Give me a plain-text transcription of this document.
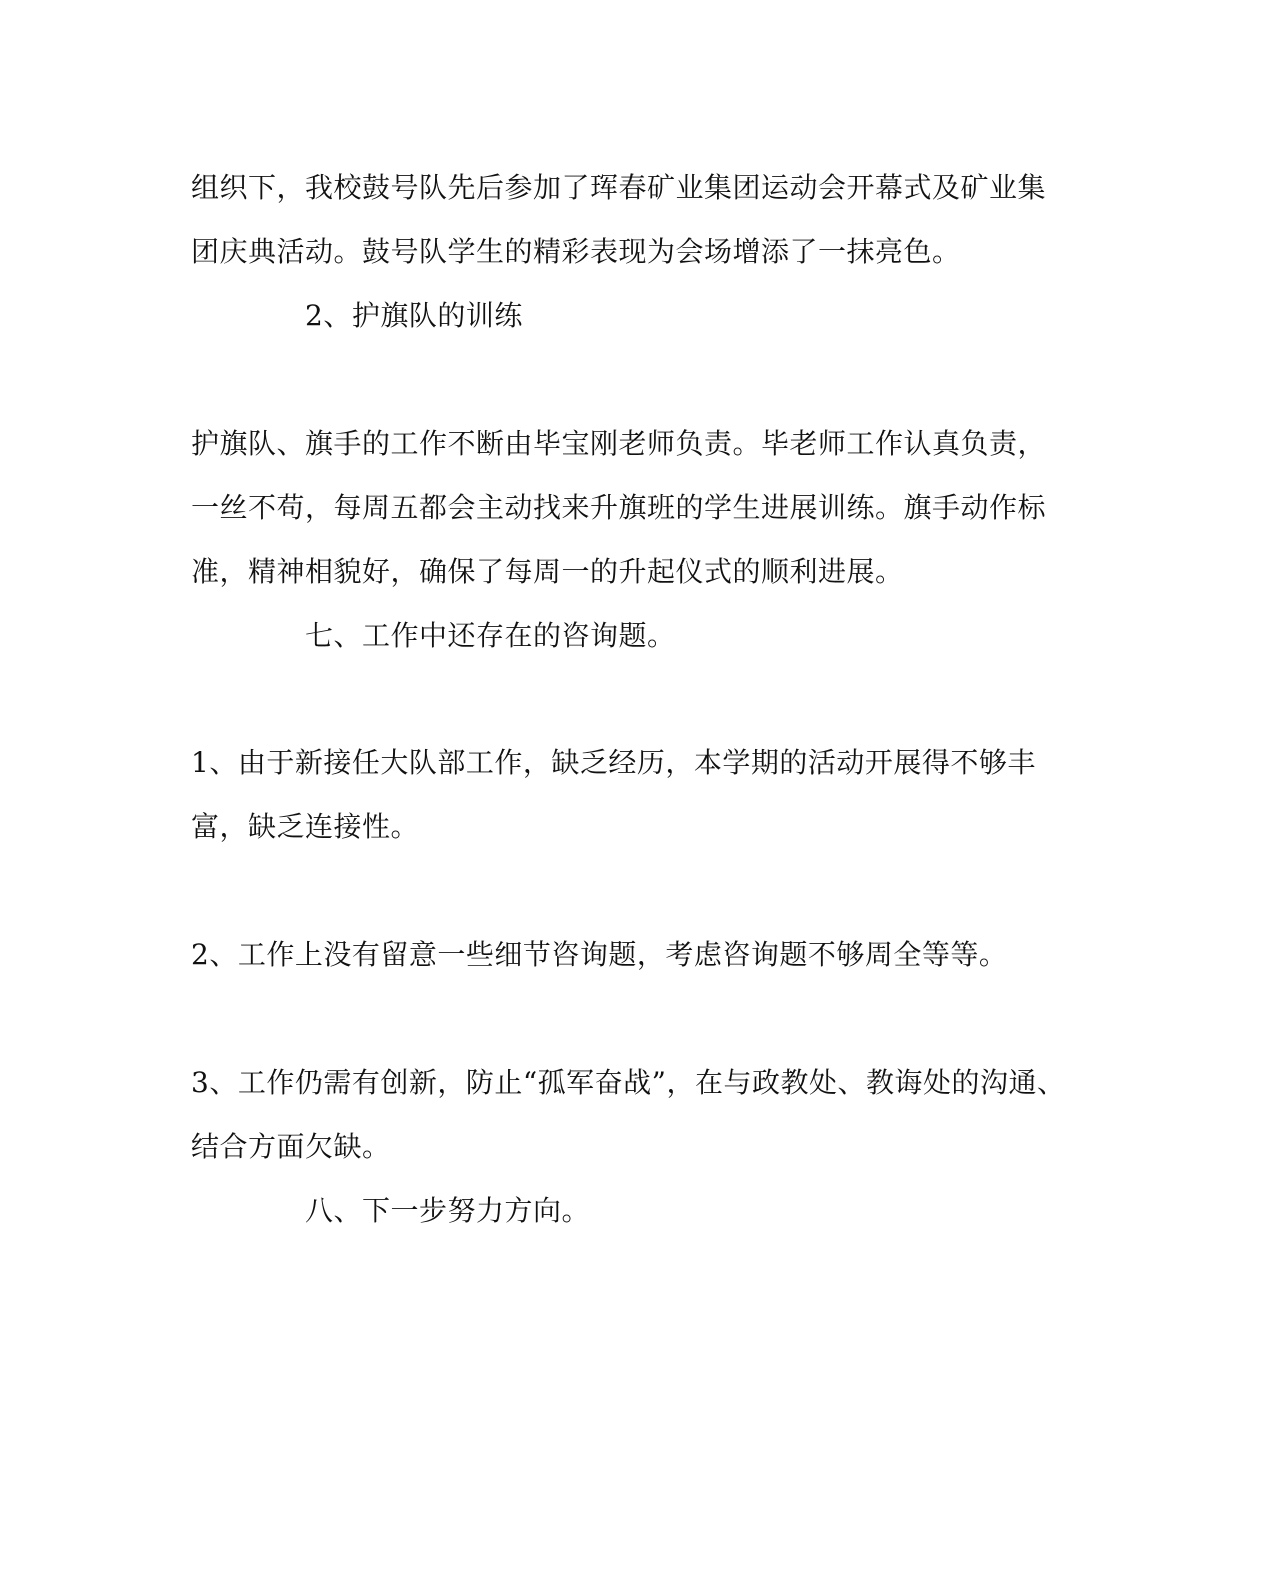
组织下，我校鼓号队先后参加了珲春矿业集团运动会开幕式及矿业集
团庆典活动。鼓号队学生的精彩表现为会场增添了一抹亮色。
2、护旗队的训练
护旗队、旗手的工作不断由毕宝刚老师负责。毕老师工作认真负责，
一丝不苟，每周五都会主动找来升旗班的学生进展训练。旗手动作标
准，精神相貌好，确保了每周一的升起仪式的顺利进展。
七、工作中还存在的咨询题。
1、由于新接任大队部工作，缺乏经历，本学期的活动开展得不够丰
富，缺乏连接性。
2、工作上没有留意一些细节咨询题，考虑咨询题不够周全等等。
3、工作仍需有创新，防止“孤军奋战”，在与政教处、教诲处的沟通、
结合方面欠缺。
八、下一步努力方向。
